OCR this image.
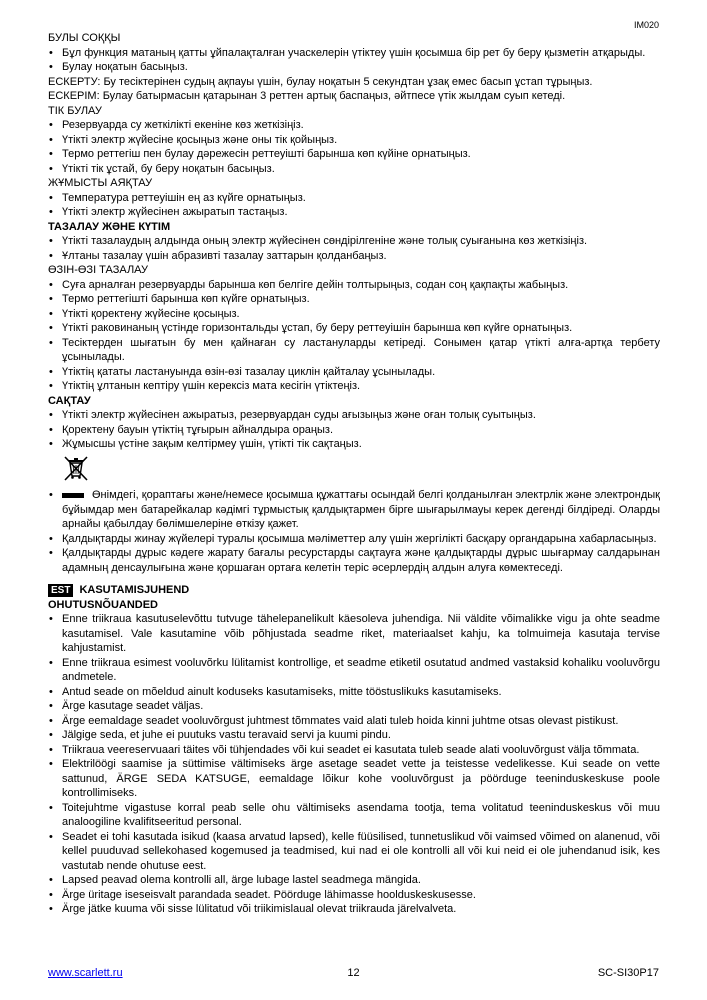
IM020
БУЛЫ СОҚҚЫ
• Бұл функция матаның қатты ұйпалақталған учаскелерін үтіктеу үшін қосымша бір рет бу беру қызметін атқарыды.
• Булау ноқатын басыңыз.

ЕСКЕРТУ: Бу тесіктерінен судың ақпауы үшін, булау ноқатын 5 секундтан ұзақ емес басып ұстап тұрыңыз.

ЕСКЕРІМ: Булау батырмасын қатарынан 3 реттен артық баспаңыз, әйтпесе үтік жылдам суып кетеді.

ТІК БУЛАУ
• Резервуарда су жеткілікті екеніне көз жеткізіңіз.
• Үтікті электр жүйесіне қосыңыз және оны тік қойыңыз.
• Термо реттегіш пен булау дәрежесін реттеуішті барынша көп күйіне орнатыңыз.
• Үтікті тік ұстай, бу беру ноқатын басыңыз.
ЖҰМЫСТЫ АЯҚТАУ
• Температура реттеуішін ең аз күйге орнатыңыз.
• Үтікті электр жүйесінен ажыратып тастаңыз.
ТАЗАЛАУ ЖӘНЕ КҮТІМ
• Үтікті тазалаудың алдында оның электр жүйесінен сөндірілгеніне және толық суығанына көз жеткізіңіз.
• Ұлтаны тазалау үшін абразивті тазалау заттарын қолданбаңыз.
ӨЗІН-ӨЗІ ТАЗАЛАУ
• Суға арналған резервуарды барынша көп белгіге дейін толтырыңыз, содан соң қақпақты жабыңыз.
• Термо реттегішті барынша көп күйге орнатыңыз.
• Үтікті қоректену жүйесіне қосыңыз.
• Үтікті раковинаның үстінде горизонтальды ұстап, бу беру реттеуішін барынша көп күйге орнатыңыз.
• Тесіктерден шығатын бу мен қайнаған су ластануларды кетіреді. Сонымен қатар үтікті алға-артқа тербету ұсынылады.
• Үтіктің қататы ластануында өзін-өзі тазалау циклін қайталау ұсынылады.
• Үтіктің ұлтанын кептіру үшін керексіз мата кесігін үтіктеңіз.
САҚТАУ
• Үтікті электр жүйесінен ажыратыз, резервуардан суды ағызыңыз және оған толық суытыңыз.
• Қоректену бауын үтіктің тұғырын айналдыра ораңыз.
• Жұмысшы үстіне зақым келтірмеу үшін, үтікті тік сақтаңыз.
• Өнімдегі, қорaптағы және/немесе қосымша құжаттағы осындай белгі қолданылған электрлік және электрондық бұйымдар мен батарейкалар кәдімгі тұрмыстық қалдықтармен бірге шығарылмауы керек дегенді білдіреді. Оларды арнайы қабылдау бөлімшелеріне өткізу қажет.
• Қалдықтарды жинау жүйелері туралы қосымша мәліметтер алу үшін жергілікті басқару органдарына хабарласыңыз.
• Қалдықтарды дұрыс кәдеге жарату бағалы ресурстарды сақтауға және қалдықтарды дұрыс шығармау салдарынан адамның денсаулығына және қоршаған ортаға келетін теріс әсерлердің алдын алуға көмектеседі.
EST KASUTAMISJUHEND
OHUTUSNÕUANDED
• Enne triikraua kasutuselevõttu tutvuge tähelepanelikult käesoleva juhendiga. Nii väldite võimalikke vigu ja ohte seadme kasutamisel. Vale kasutamine võib põhjustada seadme riket, materiaalset kahju, ka tolmuimeja kasutaja tervise kahjustamist.
• Enne triikraua esimest vooluvõrku lülitamist kontrollige, et seadme etiketil osutatud andmed vastaksid kohaliku vooluvõrgu andmetele.
• Antud seade on mõeldud ainult koduseks kasutamiseks, mitte tööstuslikuks kasutamiseks.
• Ärge kasutage seadet väljas.
• Ärge eemaldage seadet vooluvõrgust juhtmest tõmmates vaid alati tuleb hoida kinni juhtme otsas olevast pistikust.
• Jälgige seda, et juhe ei puutuks vastu teravaid servi ja kuumi pindu.
• Triikraua veereservuaari täites või tühjendades või kui seadet ei kasutata tuleb seade alati vooluvõrgust välja tõmmata.
• Elektrilöögi saamise ja süttimise vältimiseks ärge asetage seadet vette ja teistesse vedelikesse. Kui seade on vette sattunud, ÄRGE SEDA KATSUGE, eemaldage lõikur kohe vooluvõrgust ja pöörduge teeninduskeskuse poole kontrollimiseks.
• Toitejuhtme vigastuse korral peab selle ohu vältimiseks asendama tootja, tema volitatud teeninduskeskus või muu analoogiline kvalifitseeritud personal.
• Seadet ei tohi kasutada isikud (kaasa arvatud lapsed), kelle füüsilised, tunnetuslikud või vaimsed võimed on alanenud, või kellel puuduvad sellekohased kogemused ja teadmised, kui nad ei ole kontrolli all või kui neid ei ole juhendanud isik, kes vastutab nende ohutuse eest.
• Lapsed peavad olema kontrolli all, ärge lubage lastel seadmega mängida.
• Ärge üritage iseseisvalt parandada seadet. Pöörduge lähimasse hoolduskeskusesse.
• Ärge jätke kuuma või sisse lülitatud või triikimislaual olevat triikrauda järelvalveta.
www.scarlett.ru	12	SC-SI30P17
